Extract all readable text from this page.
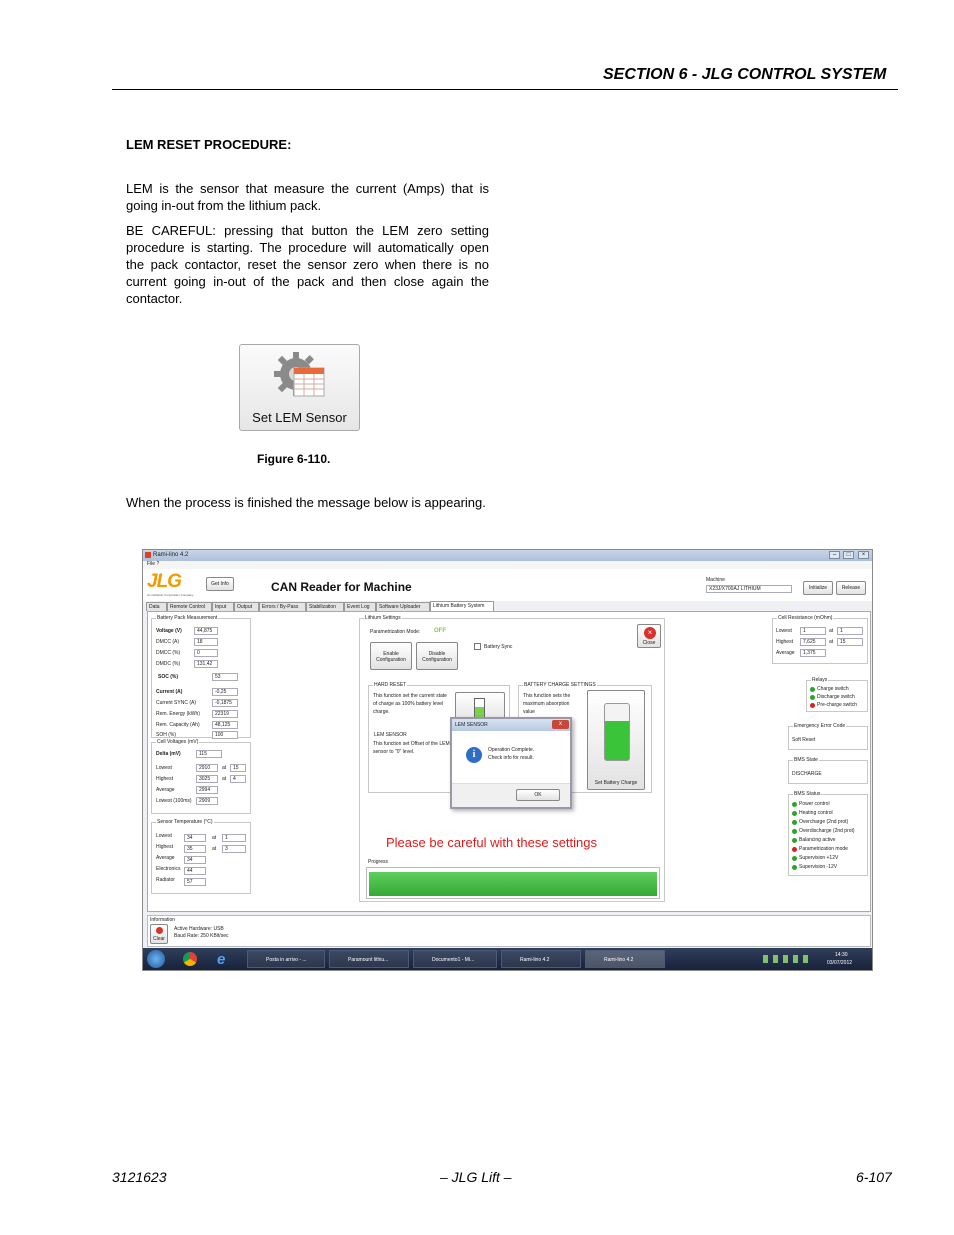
SECTION 6 - JLG CONTROL SYSTEM
LEM RESET PROCEDURE:
LEM is the sensor that measure the current (Amps) that is going in-out from the lithium pack.
BE CAREFUL: pressing that button the LEM zero setting procedure is starting. The procedure will automatically open the pack contactor, reset the sensor zero when there is no current going in-out of the pack and then close again the contactor.
Set LEM Sensor
Figure 6-110.
When the process is finished the message below is appearing.
Rami-lino 4.2	–	□	×
File ?
JLG
An Oshkosh Corporation Company
Get Info	CAN Reader for Machine	Machine
X23J/X700AJ LITHIUM	Initialize	Release
Data	Remote Control	Input	Output	Errors / By-Pass	Stabilization	Event Log	Software Uploader	Lithium Battery System
Battery Pack Measurement
Voltage (V)	44,875
DMCC (A)	18
DMCC (%)	0
DMDC (%)	131,42
SOC (%)	53
Current (A)	-0,25
Current SYNC (A)	-0,1875
Rem. Energy (kWh)	22319
Rem. Capacity (Ah)	48,125
SOH (%)	100
Cell Voltages (mV)
Delta (mV)	115
Lowest	2910	at	15
Highest	3025	at	4
Average	2994
Lowest (100ms)	2909
Sensor Temperature (°C)
Lowest	34	at	1
Highest	35	at	3
Average	34
Electronics	44
Radiator	57
Lithium Settings
Parametrization Mode: OFF
Enable Configuration
Disable Configuration
Battery Sync
×
Close
HARD RESET
This function set the current state of charge as 100% battery level charge.
LEM SENSOR
This function set Offset of the LEM sensor to "0" level.
BATTERY CHARGE SETTINGS
This function sets the maximum absorption value
Set Battery Charge
Please be careful with these settings
Progress
Cell Resistance (mOhm)
Lowest	1	at	1
Highest	7,625	at	15
Average	1,375
Relays
Charge switch
Discharge switch
Pre-charge switch
Emergency Error Code
Soft Reset
BMS State
DISCHARGE
BMS Status
Power control
Heating control
Overcharge (2nd prot)
Overdischarge (2nd prot)
Balancing active
Parametrization mode
Supervision +12V
Supervision -12V
LEM SENSOR	x
i	Operation Complete.
Check info for result.
OK
Information
Clear
Active Hardware: USB
Baud Rate: 250 KBit/sec
e	Posta in arrivo - ...	Paramount lithiu...	Documento1 - Mi...	Rami-lino 4.2	Rami-lino 4.2
14:30
03/07/2012
3121623	– JLG Lift –	6-107
